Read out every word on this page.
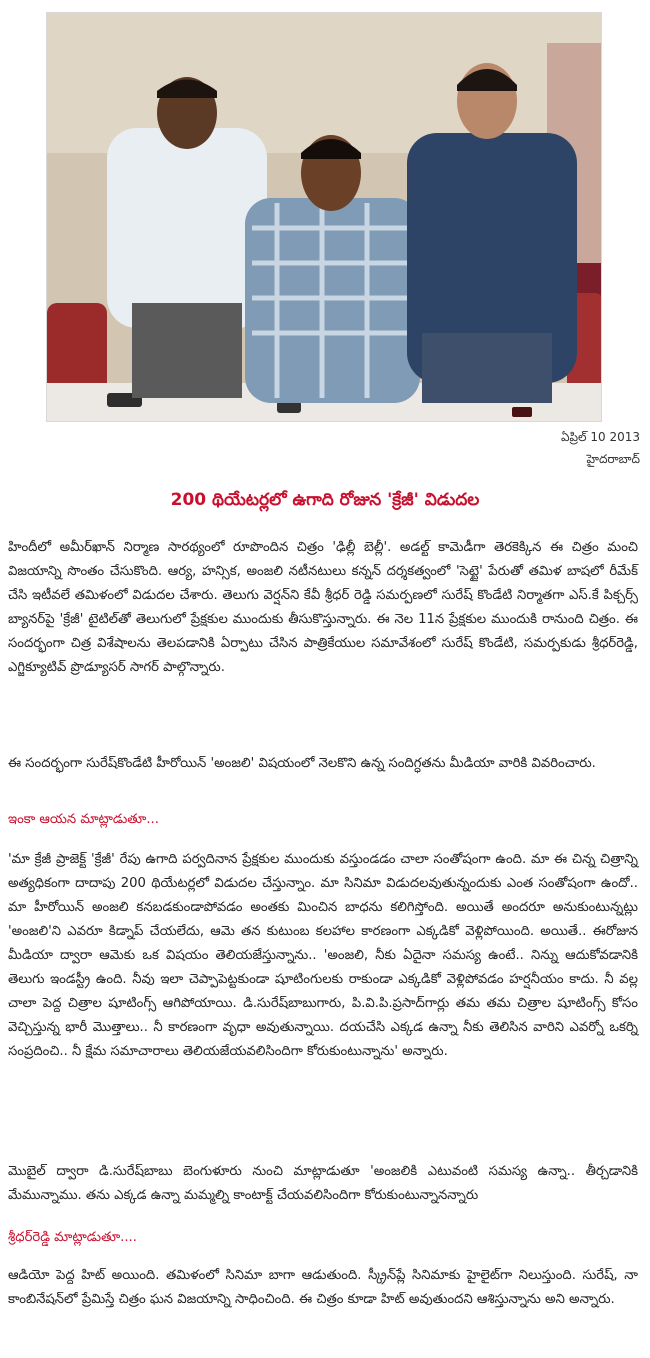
ఏప్రిల్ 10 2013
హైదరాబాద్
200 థియేటర్లలో ఉగాది రోజున 'క్రేజీ' విడుదల

హిందీలో అమీర్‌ఖాన్ నిర్మాణ సారథ్యంలో రూపొందిన చిత్రం 'ఢిల్లీ బెల్లీ'. అడల్ట్ కామెడీగా తెరకెక్కిన ఈ చిత్రం మంచి విజయాన్ని సొంతం చేసుకొంది. ఆర్య, హన్సిక, అంజలి నటీనటులు కన్నన్ దర్శకత్వంలో 'సెట్టై' పేరుతో తమిళ బాషలో రీమేక్ చేసి ఇటీవలే తమిళంలో విడుదల చేశారు. తెలుగు వెర్షన్‌ని కేవీ శ్రీధర్ రెడ్డి సమర్పణలో సురేష్ కొండేటి నిర్మాతగా ఎస్.కే పిక్చర్స్ బ్యానర్‌పై 'క్రేజీ' టైటిల్‌తో తెలుగులో ప్రేక్షకుల ముందుకు తీసుకొస్తున్నారు. ఈ నెల 11న ప్రేక్షకుల ముందుకి రానుంది చిత్రం. ఈ సందర్భంగా చిత్ర విశేషాలను తెలపడానికి ఏర్పాటు చేసిన పాత్రికేయుల సమావేశంలో సురేష్ కొండేటి, సమర్పకుడు శ్రీధర్‌రెడ్డి, ఎగ్జిక్యూటివ్ ప్రొడ్యూసర్ సాగర్ పాల్గొన్నారు.

ఈ సందర్భంగా సురేష్‌కొండేటి హీరోయిన్ 'అంజలి' విషయంలో నెలకొని ఉన్న సందిగ్ధతను మీడియా వారికి వివరించారు.

ఇంకా ఆయన మాట్లాడుతూ...

'మా క్రేజీ ప్రాజెక్ట్ 'క్రేజీ' రేపు ఉగాది పర్వదినాన ప్రేక్షకుల ముందుకు వస్తుండడం చాలా సంతోషంగా ఉంది. మా ఈ చిన్న చిత్రాన్ని అత్యధికంగా దాదాపు 200 థియేటర్లలో విడుదల చేస్తున్నాం. మా సినిమా విడుదలవుతున్నందుకు ఎంత సంతోషంగా ఉందో.. మా హీరోయిన్ అంజలి కనబడకుండాపోవడం అంతకు మించిన బాధను కలిగిస్తోంది. అయితే అందరూ అనుకుంటున్నట్లు 'అంజలి'ని ఎవరూ కిడ్నాప్ చేయలేదు, ఆమె తన కుటుంబ కలహాల కారణంగా ఎక్కడికో వెళ్లిపోయింది. అయితే.. ఈరోజున మీడియా ద్వారా ఆమెకు ఒక విషయం తెలియజేస్తున్నాను.. 'అంజలి, నీకు ఏదైనా సమస్య ఉంటే.. నిన్ను ఆదుకోవడానికి తెలుగు ఇండస్ట్రీ ఉంది. నీవు ఇలా చెప్పాపెట్టకుండా షూటింగులకు రాకుండా ఎక్కడికో వెళ్లిపోవడం హర్షనీయం కాదు. నీ వల్ల చాలా పెద్ద చిత్రాల షూటింగ్స్ ఆగిపోయాయి. డి.సురేష్‌బాబుగారు, పి.వి.పి.ప్రసాద్‌గార్లు తమ తమ చిత్రాల షూటింగ్స్ కోసం వెచ్చిస్తున్న భారీ మొత్తాలు.. నీ కారణంగా వృధా అవుతున్నాయి. దయచేసి ఎక్కడ ఉన్నా నీకు తెలిసిన వారిని ఎవర్నో ఒకర్ని సంప్రదించి.. నీ క్షేమ సమాచారాలు తెలియజేయవలిసిందిగా కోరుకుంటున్నాను' అన్నారు.

మొబైల్ ద్వారా డి.సురేష్‌బాబు బెంగుళూరు నుంచి మాట్లాడుతూ 'అంజలికి ఎటువంటి సమస్య ఉన్నా.. తీర్చడానికి మేమున్నాము. తను ఎక్కడ ఉన్నా మమ్మల్ని కాంటాక్ట్ చేయవలిసిందిగా కోరుకుంటున్నానన్నారు

శ్రీధర్‌రెడ్డి మాట్లాడుతూ....

ఆడియో పెద్ద హిట్ అయింది. తమిళంలో సినిమా బాగా ఆడుతుంది. స్క్రీన్‌ప్లే సినిమాకు హైలైట్‌గా నిలుస్తుంది. సురేష్, నా కాంబినేషన్‌లో ప్రేమిస్తే చిత్రం ఘన విజయాన్ని సాధించింది. ఈ చిత్రం కూడా హిట్ అవుతుందని ఆశిస్తున్నాను అని అన్నారు.
